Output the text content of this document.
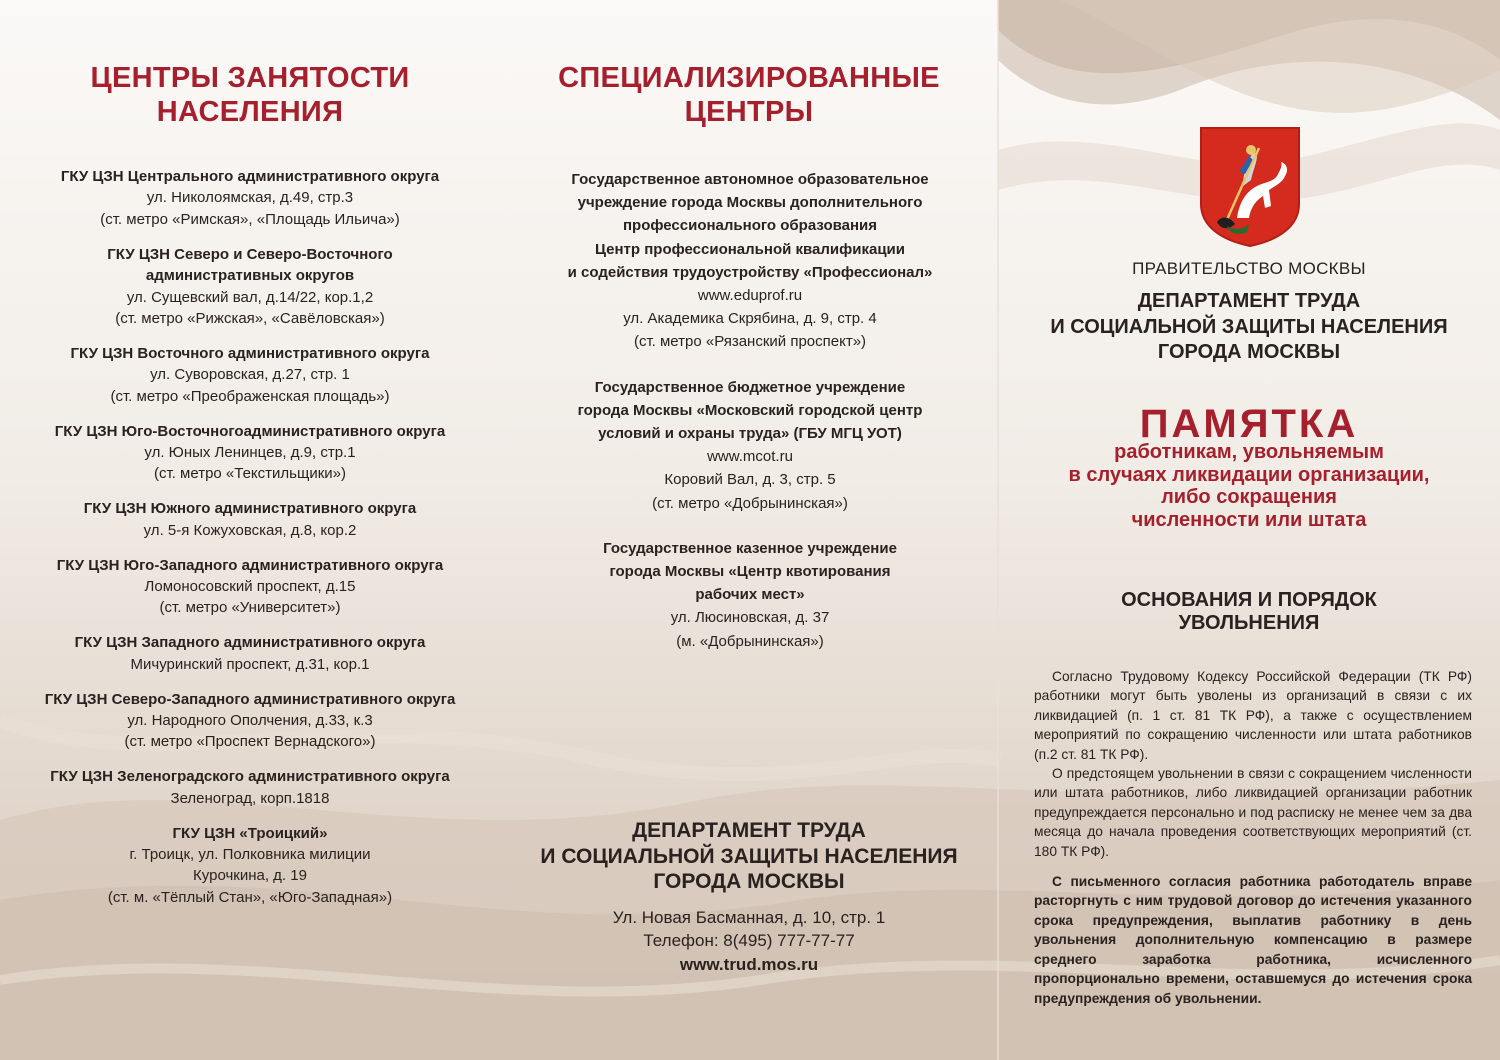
ЦЕНТРЫ ЗАНЯТОСТИ
НАСЕЛЕНИЯ
ГКУ ЦЗН Центрального административного округа
ул. Николоямская, д.49, стр.3
(ст. метро «Римская», «Площадь Ильича»)
ГКУ ЦЗН Северо и Северо-Восточного
административных округов
ул. Сущевский вал, д.14/22, кор.1,2
(ст. метро «Рижская», «Савёловская»)
ГКУ ЦЗН Восточного административного округа
ул. Суворовская, д.27, стр. 1
(ст. метро «Преображенская площадь»)
ГКУ ЦЗН Юго-Восточногоадминистративного округа
ул. Юных Ленинцев, д.9, стр.1
(ст. метро «Текстильщики»)
ГКУ ЦЗН Южного административного округа
ул. 5-я Кожуховская, д.8, кор.2
ГКУ ЦЗН Юго-Западного административного округа
Ломоносовский проспект, д.15
(ст. метро «Университет»)
ГКУ ЦЗН Западного административного округа
Мичуринский проспект, д.31, кор.1
ГКУ ЦЗН Северо-Западного административного округа
ул. Народного Ополчения, д.33, к.3
(ст. метро «Проспект Вернадского»)
ГКУ ЦЗН Зеленоградского административного округа
Зеленоград, корп.1818
ГКУ ЦЗН «Троицкий»
г. Троицк, ул. Полковника милиции
Курочкина, д. 19
(ст. м. «Тёплый Стан», «Юго-Западная»)
СПЕЦИАЛИЗИРОВАННЫЕ
ЦЕНТРЫ
Государственное автономное образовательное
учреждение города Москвы дополнительного
профессионального образования
Центр профессиональной квалификации
и содействия трудоустройству «Профессионал»
www.eduprof.ru
ул. Академика Скрябина, д. 9, стр. 4
(ст. метро «Рязанский проспект»)
Государственное бюджетное учреждение
города Москвы «Московский городской центр
условий и охраны труда» (ГБУ МГЦ УОТ)
www.mcot.ru
Коровий Вал, д. 3, стр. 5
(ст. метро «Добрынинская»)
Государственное казенное учреждение
города Москвы «Центр квотирования
рабочих мест»
ул. Люсиновская, д. 37
(м. «Добрынинская»)
ДЕПАРТАМЕНТ ТРУДА
И СОЦИАЛЬНОЙ ЗАЩИТЫ НАСЕЛЕНИЯ
ГОРОДА МОСКВЫ
Ул. Новая Басманная, д. 10, стр. 1
Телефон: 8(495) 777-77-77
www.trud.mos.ru
ПРАВИТЕЛЬСТВО МОСКВЫ
ДЕПАРТАМЕНТ ТРУДА
И СОЦИАЛЬНОЙ ЗАЩИТЫ НАСЕЛЕНИЯ
ГОРОДА МОСКВЫ
ПАМЯТКА
работникам, увольняемым
в случаях ликвидации организации,
либо сокращения
численности или штата
ОСНОВАНИЯ И ПОРЯДОК
УВОЛЬНЕНИЯ

Согласно Трудовому Кодексу Российской Федерации (ТК РФ) работники могут быть уволены из организаций в связи с их ликвидацией (п. 1 ст. 81 ТК РФ), а также с осуществлением мероприятий по сокращению численности или штата работников (п.2 ст. 81 ТК РФ).

О предстоящем увольнении в связи с сокращением численности или штата работников, либо ликвидацией организации работник предупреждается персонально и под расписку не менее чем за два месяца до начала проведения соответствующих мероприятий (ст. 180 ТК РФ).

С письменного согласия работника работодатель вправе расторгнуть с ним трудовой договор до истечения указанного срока предупреждения, выплатив работнику в день увольнения дополнительную компенсацию в размере среднего заработка работника, исчисленного пропорционально времени, оставшемуся до истечения срока предупреждения об увольнении.
